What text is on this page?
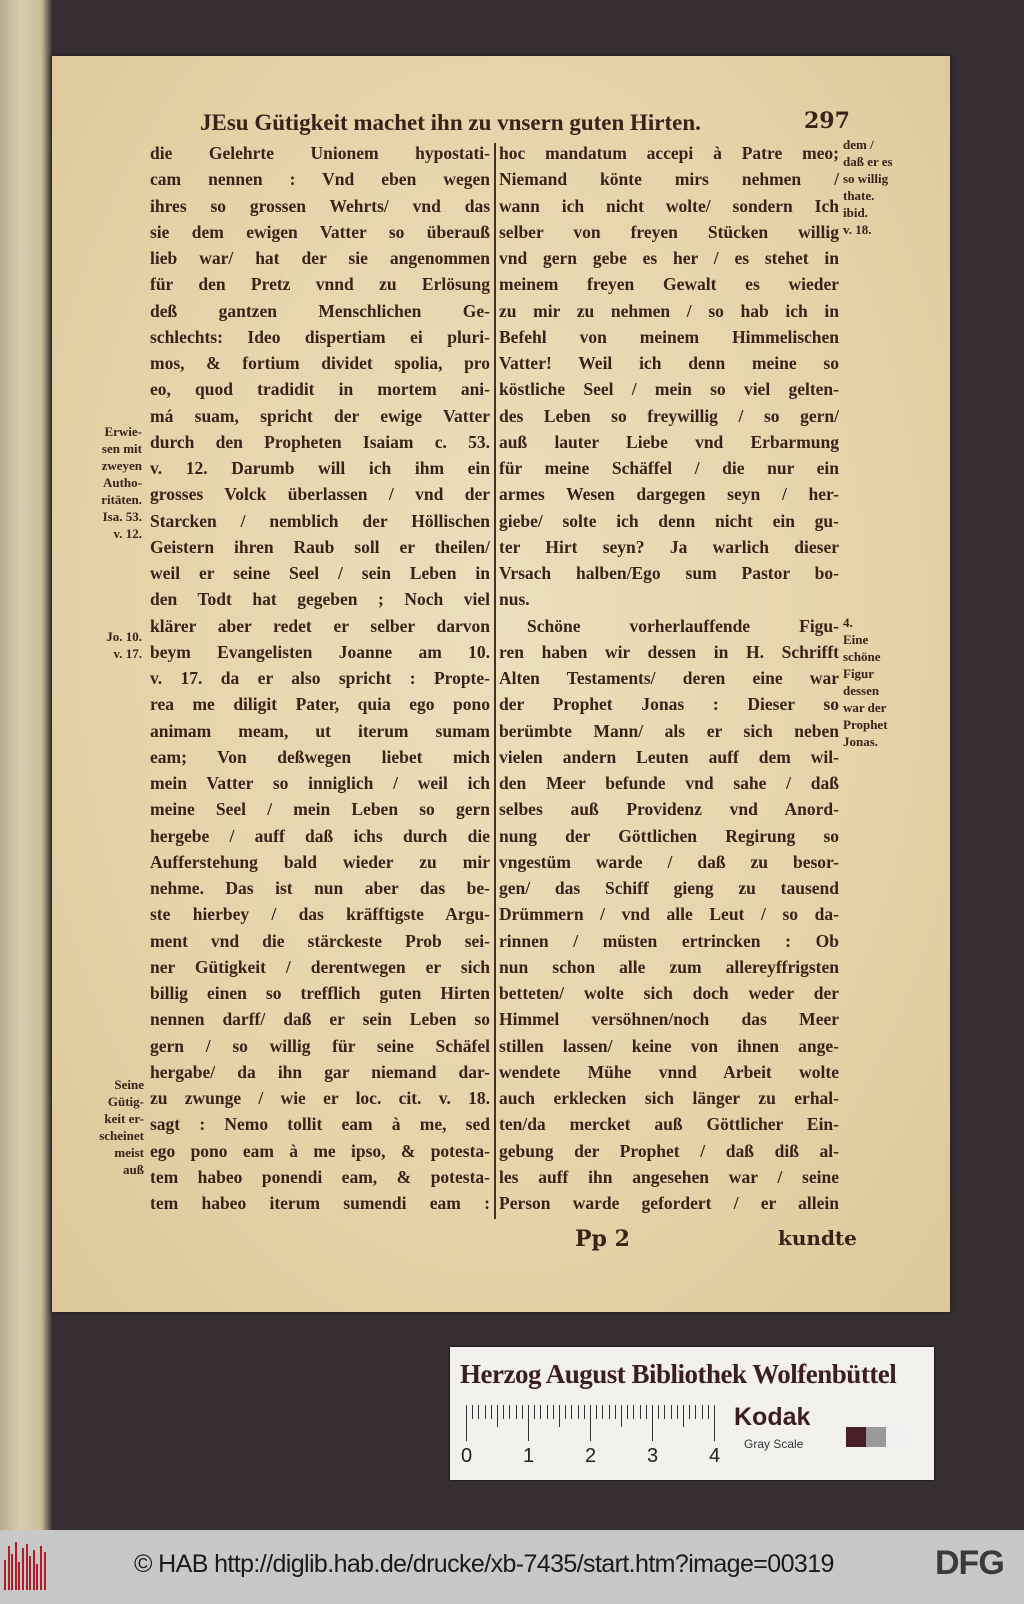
JEsu Gütigkeit machet ihn zu vnsern guten Hirten.	297
die Gelehrte Unionem hypostati-
cam nennen : Vnd eben wegen
ihres so grossen Wehrts/ vnd das
sie dem ewigen Vatter so überauß
lieb war/ hat der sie angenommen
für den Pretz vnnd zu Erlösung
deß gantzen Menschlichen Ge-
schlechts: Ideo dispertiam ei pluri-
mos, & fortium dividet spolia, pro
eo, quod tradidit in mortem ani-
má suam, spricht der ewige Vatter
durch den Propheten Isaiam c. 53.
v. 12. Darumb will ich ihm ein
grosses Volck überlassen / vnd der
Starcken / nemblich der Höllischen
Geistern ihren Raub soll er theilen/
weil er seine Seel / sein Leben in
den Todt hat gegeben ; Noch viel
klärer aber redet er selber darvon
beym Evangelisten Joanne am 10.
v. 17. da er also spricht : Propte-
rea me diligit Pater, quia ego pono
animam meam, ut iterum sumam
eam; Von deßwegen liebet mich
mein Vatter so inniglich / weil ich
meine Seel / mein Leben so gern
hergebe / auff daß ichs durch die
Aufferstehung bald wieder zu mir
nehme. Das ist nun aber das be-
ste hierbey / das kräfftigste Argu-
ment vnd die stärckeste Prob sei-
ner Gütigkeit / derentwegen er sich
billig einen so trefflich guten Hirten
nennen darff/ daß er sein Leben so
gern / so willig für seine Schäfel
hergabe/ da ihn gar niemand dar-
zu zwunge / wie er loc. cit. v. 18.
sagt : Nemo tollit eam à me, sed
ego pono eam à me ipso, & potesta-
tem habeo ponendi eam, & potesta-
tem habeo iterum sumendi eam :
hoc mandatum accepi à Patre meo;
Niemand könte mirs nehmen /
wann ich nicht wolte/ sondern Ich
selber von freyen Stücken willig
vnd gern gebe es her / es stehet in
meinem freyen Gewalt es wieder
zu mir zu nehmen / so hab ich in
Befehl von meinem Himmelischen
Vatter! Weil ich denn meine so
köstliche Seel / mein so viel gelten-
des Leben so freywillig / so gern/
auß lauter Liebe vnd Erbarmung
für meine Schäffel / die nur ein
armes Wesen dargegen seyn / her-
giebe/ solte ich denn nicht ein gu-
ter Hirt seyn? Ja warlich dieser
Vrsach halben/Ego sum Pastor bo-
nus.
Schöne vorherlauffende Figu-
ren haben wir dessen in H. Schrifft
Alten Testaments/ deren eine war
der Prophet Jonas : Dieser so
berümbte Mann/ als er sich neben
vielen andern Leuten auff dem wil-
den Meer befunde vnd sahe / daß
selbes auß Providenz vnd Anord-
nung der Göttlichen Regirung so
vngestüm warde / daß zu besor-
gen/ das Schiff gieng zu tausend
Drümmern / vnd alle Leut / so da-
rinnen / müsten ertrincken : Ob
nun schon alle zum allereyffrigsten
betteten/ wolte sich doch weder der
Himmel versöhnen/noch das Meer
stillen lassen/ keine von ihnen ange-
wendete Mühe vnnd Arbeit wolte
auch erklecken sich länger zu erhal-
ten/da mercket auß Göttlicher Ein-
gebung der Prophet / daß diß al-
les auff ihn angesehen war / seine
Person warde gefordert / er allein
Erwie-
sen mit
zweyen
Autho-
ritäten.
Isa. 53.
v. 12.
Jo. 10.
v. 17.
Seine
Gütig-
keit er-
scheinet
meist
auß
dem /
daß er es
so willig
thate.
ibid.
v. 18.
4.
Eine
schöne
Figur
dessen
war der
Prophet
Jonas.
Pp 2	kundte
Herzog August Bibliothek Wolfenbüttel
0	1	2	3	4
Kodak
Gray Scale
© HAB http://diglib.hab.de/drucke/xb-7435/start.htm?image=00319	DFG
